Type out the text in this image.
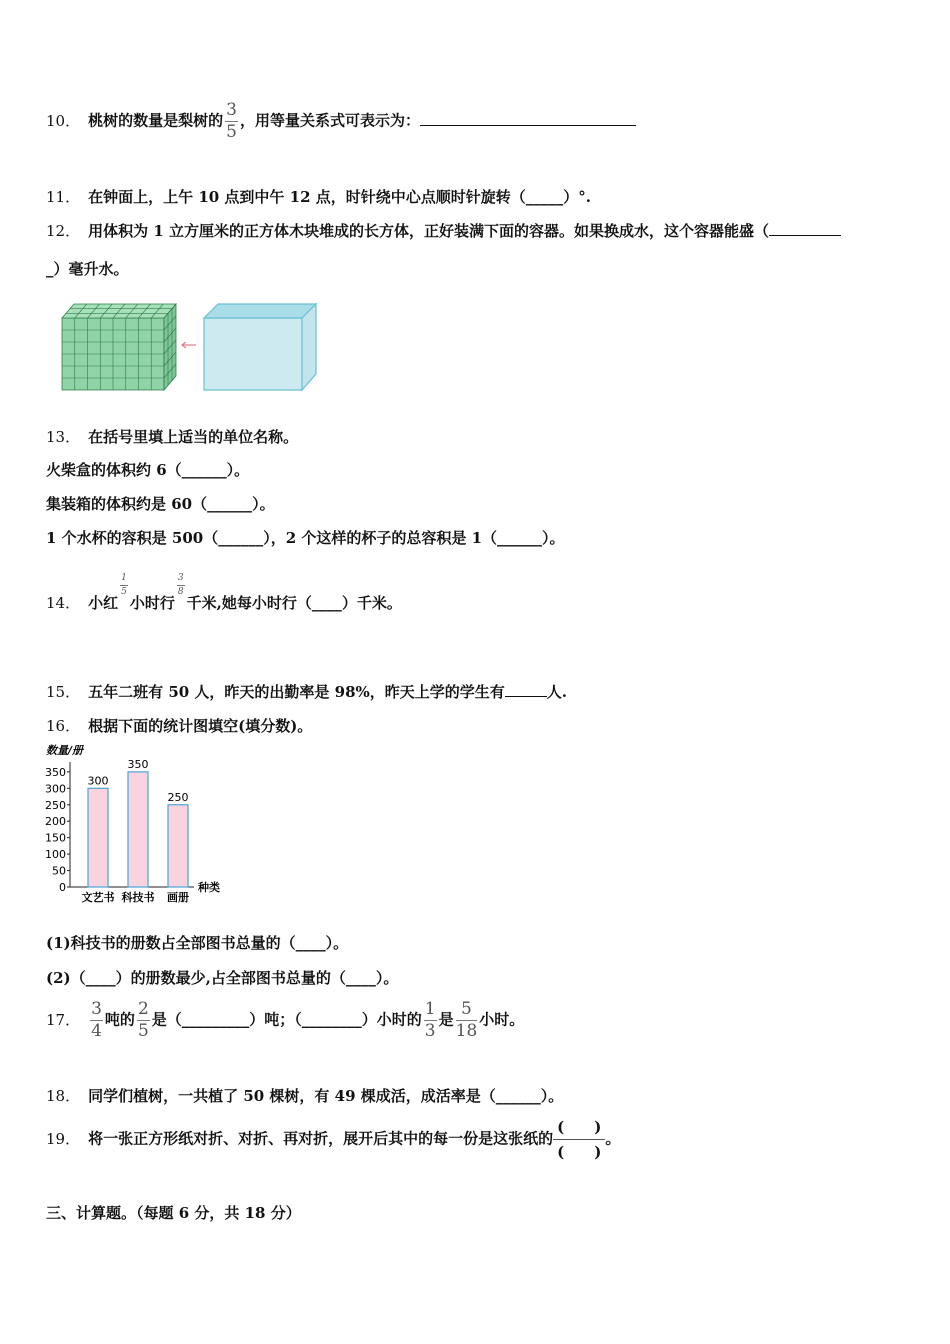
10． 桃树的数量是梨树的 $\frac{3}{5}$ ，用等量关系式可表示为：
11． 在钟面上，上午 10 点到中午 12 点，时针绕中心点顺时针旋转（_____）°.
12． 用体积为 1 立方厘米的正方体木块堆成的长方体，正好装满下面的容器。如果换成水，这个容器能盛（
_）毫升水。
13． 在括号里填上适当的单位名称。
火柴盒的体积约 6（______）。
集装箱的体积约是 60（______）。
1 个水杯的容积是 500（______），2 个这样的杯子的总容积是 1（______）。
14． 小红
$\frac{1}{5}$
小时行
$\frac{3}{8}$
千米,她每小时行（____）千米。
15． 五年二班有 50 人，昨天的出勤率是 98%，昨天上学的学生有	人.
16． 根据下面的统计图填空(填分数)。
数量/册
种类
0
50
100
150
200
250
300
350
300
文艺书
350
科技书
250
画册
(1)科技书的册数占全部图书总量的（____）。
(2)（____）的册数最少,占全部图书总量的（____）。
17． $\frac{3}{4}$ 吨的 $\frac{2}{5}$ 是（_________）吨；（________）小时的 $\frac{1}{3}$ 是 $\frac{5}{18}$ 小时。
18． 同学们植树，一共植了 50 棵树，有 49 棵成活，成活率是（______）。
19． 将一张正方形纸对折、对折、再对折，展开后其中的每一份是这张纸的
(　　)
(　　)
。
三、计算题。（每题 6 分，共 18 分）
